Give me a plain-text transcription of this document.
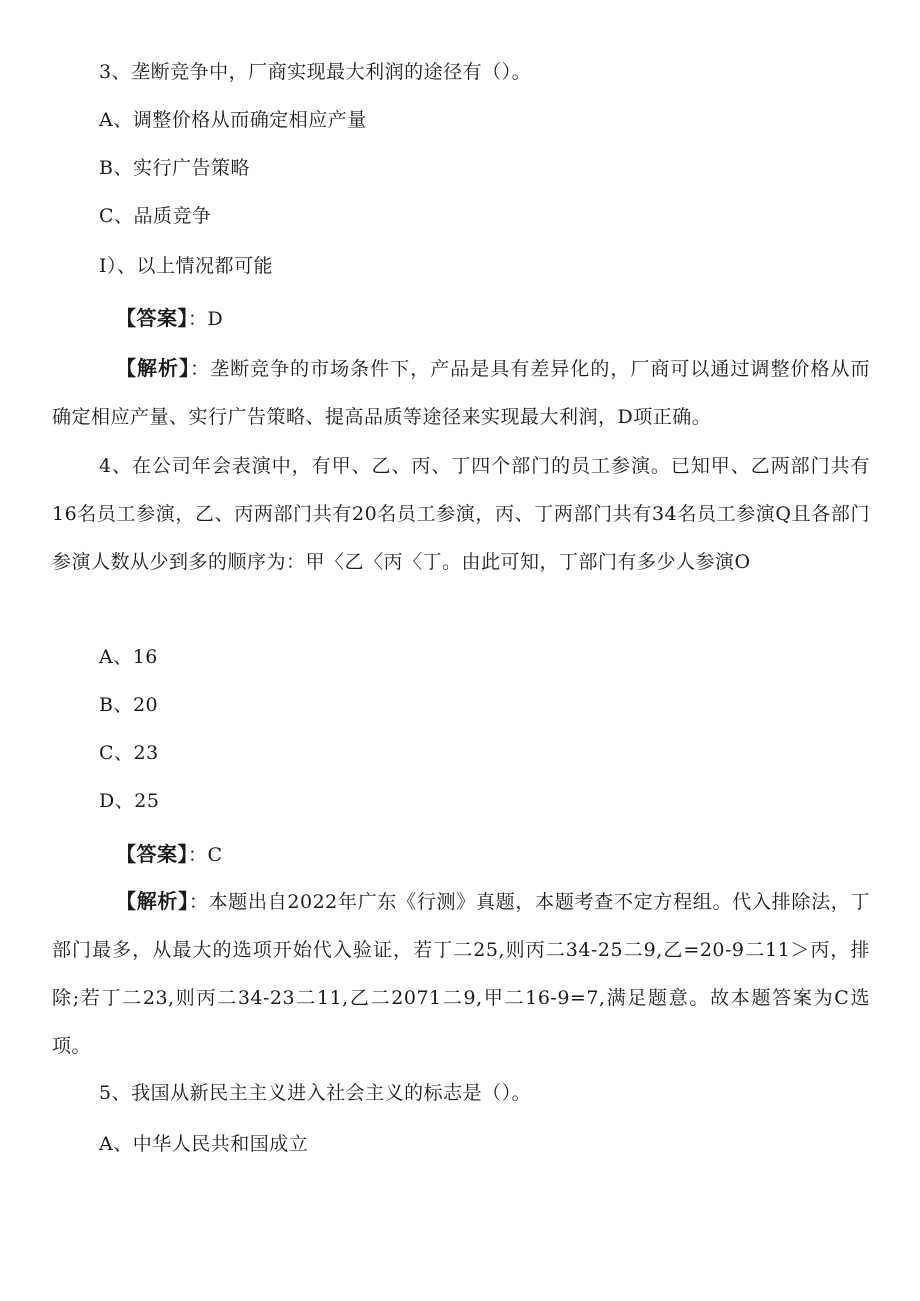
3、垄断竞争中，厂商实现最大利润的途径有（）。
A、调整价格从而确定相应产量
B、实行广告策略
C、品质竞争
I）、以上情况都可能
【答案】：D
【解析】：垄断竞争的市场条件下，产品是具有差异化的，厂商可以通过调整价格从而确定相应产量、实行广告策略、提高品质等途径来实现最大利润，D项正确。
4、在公司年会表演中，有甲、乙、丙、丁四个部门的员工参演。已知甲、乙两部门共有16名员工参演，乙、丙两部门共有20名员工参演，丙、丁两部门共有34名员工参演Q且各部门参演人数从少到多的顺序为：甲〈乙〈丙〈丁。由此可知，丁部门有多少人参演O
A、16
B、20
C、23
D、25
【答案】：C
【解析】：本题出自2022年广东《行测》真题，本题考查不定方程组。代入排除法，丁部门最多，从最大的选项开始代入验证，若丁二25,则丙二34-25二9,乙=20-9二11＞丙，排除;若丁二23,则丙二34-23二11,乙二2071二9,甲二16-9=7,满足题意。故本题答案为C选项。
5、我国从新民主主义进入社会主义的标志是（）。
A、中华人民共和国成立
